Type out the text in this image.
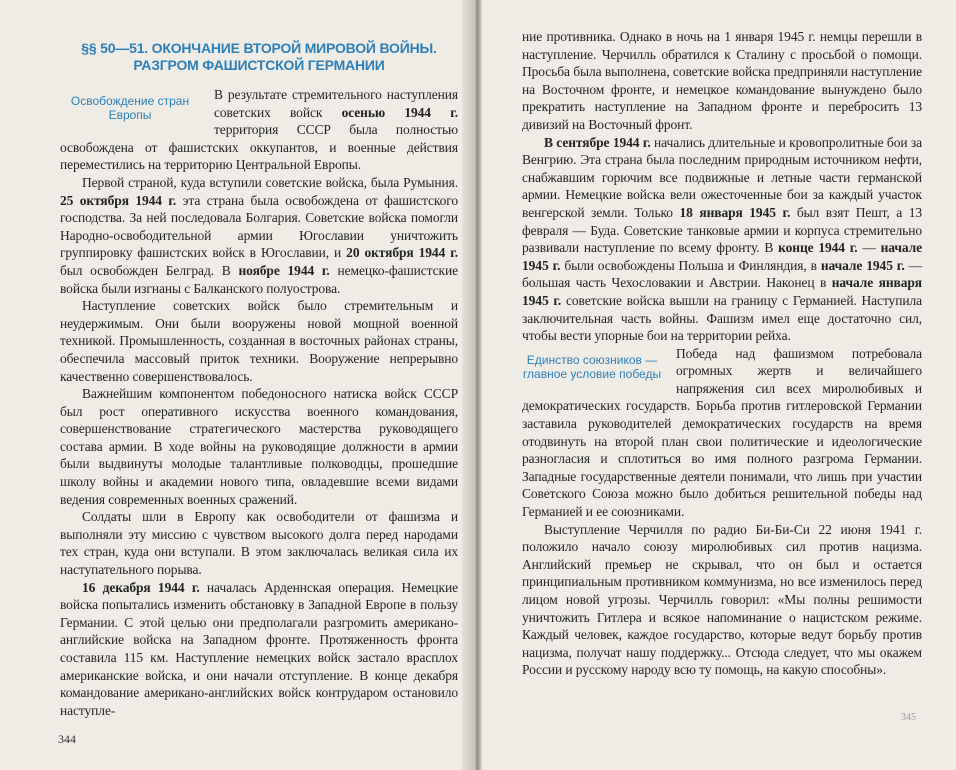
§§ 50—51. ОКОНЧАНИЕ ВТОРОЙ МИРОВОЙ ВОЙНЫ.
РАЗГРОМ ФАШИСТСКОЙ ГЕРМАНИИ
Освобождение стран Европы

В результате стремительного наступления советских войск осенью 1944 г. территория СССР была полностью освобождена от фашистских оккупантов, и военные действия переместились на территорию Центральной Европы.

Первой страной, куда вступили советские войска, была Румыния. 25 октября 1944 г. эта страна была освобождена от фашистского господства. За ней последовала Болгария. Советские войска помогли Народно-освободительной армии Югославии уничтожить группировку фашистских войск в Югославии, и 20 октября 1944 г. был освобожден Белград. В ноябре 1944 г. немецко-фашистские войска были изгнаны с Балканского полуострова.

Наступление советских войск было стремительным и неудержимым. Они были вооружены новой мощной военной техникой. Промышленность, созданная в восточных районах страны, обеспечила массовый приток техники. Вооружение непрерывно качественно совершенствовалось.

Важнейшим компонентом победоносного натиска войск СССР был рост оперативного искусства военного командования, совершенствование стратегического мастерства руководящего состава армии. В ходе войны на руководящие должности в армии были выдвинуты молодые талантливые полководцы, прошедшие школу войны и академии нового типа, овладевшие всеми видами ведения современных военных сражений.

Солдаты шли в Европу как освободители от фашизма и выполняли эту миссию с чувством высокого долга перед народами тех стран, куда они вступали. В этом заключалась великая сила их наступательного порыва.

16 декабря 1944 г. началась Арденнская операция. Немецкие войска попытались изменить обстановку в Западной Европе в пользу Германии. С этой целью они предполагали разгромить американо-английские войска на Западном фронте. Протяженность фронта составила 115 км. Наступление немецких войск застало врасплох американские войска, и они начали отступление. В конце декабря командование американо-английских войск контрударом остановило наступле-

344

ние противника. Однако в ночь на 1 января 1945 г. немцы перешли в наступление. Черчилль обратился к Сталину с просьбой о помощи. Просьба была выполнена, советские войска предприняли наступление на Восточном фронте, и немецкое командование вынуждено было прекратить наступление на Западном фронте и перебросить 13 дивизий на Восточный фронт.

В сентябре 1944 г. начались длительные и кровопролитные бои за Венгрию. Эта страна была последним природным источником нефти, снабжавшим горючим все подвижные и летные части германской армии. Немецкие войска вели ожесточенные бои за каждый участок венгерской земли. Только 18 января 1945 г. был взят Пешт, а 13 февраля — Буда. Советские танковые армии и корпуса стремительно развивали наступление по всему фронту. В конце 1944 г. — начале 1945 г. были освобождены Польша и Финляндия, в начале 1945 г. — большая часть Чехословакии и Австрии. Наконец в начале января 1945 г. советские войска вышли на границу с Германией. Наступила заключительная часть войны. Фашизм имел еще достаточно сил, чтобы вести упорные бои на территории рейха.

Единство союзников — главное условие победы

Победа над фашизмом потребовала огромных жертв и величайшего напряжения сил всех миролюбивых и демократических государств. Борьба против гитлеровской Германии заставила руководителей демократических государств на время отодвинуть на второй план свои политические и идеологические разногласия и сплотиться во имя полного разгрома Германии. Западные государственные деятели понимали, что лишь при участии Советского Союза можно было добиться решительной победы над Германией и ее союзниками.

Выступление Черчилля по радио Би-Би-Си 22 июня 1941 г. положило начало союзу миролюбивых сил против нацизма. Английский премьер не скрывал, что он был и остается принципиальным противником коммунизма, но все изменилось перед лицом новой угрозы. Черчилль говорил: «Мы полны решимости уничтожить Гитлера и всякое напоминание о нацистском режиме. Каждый человек, каждое государство, которые ведут борьбу против нацизма, получат нашу поддержку... Отсюда следует, что мы окажем России и русскому народу всю ту помощь, на какую способны».

345
